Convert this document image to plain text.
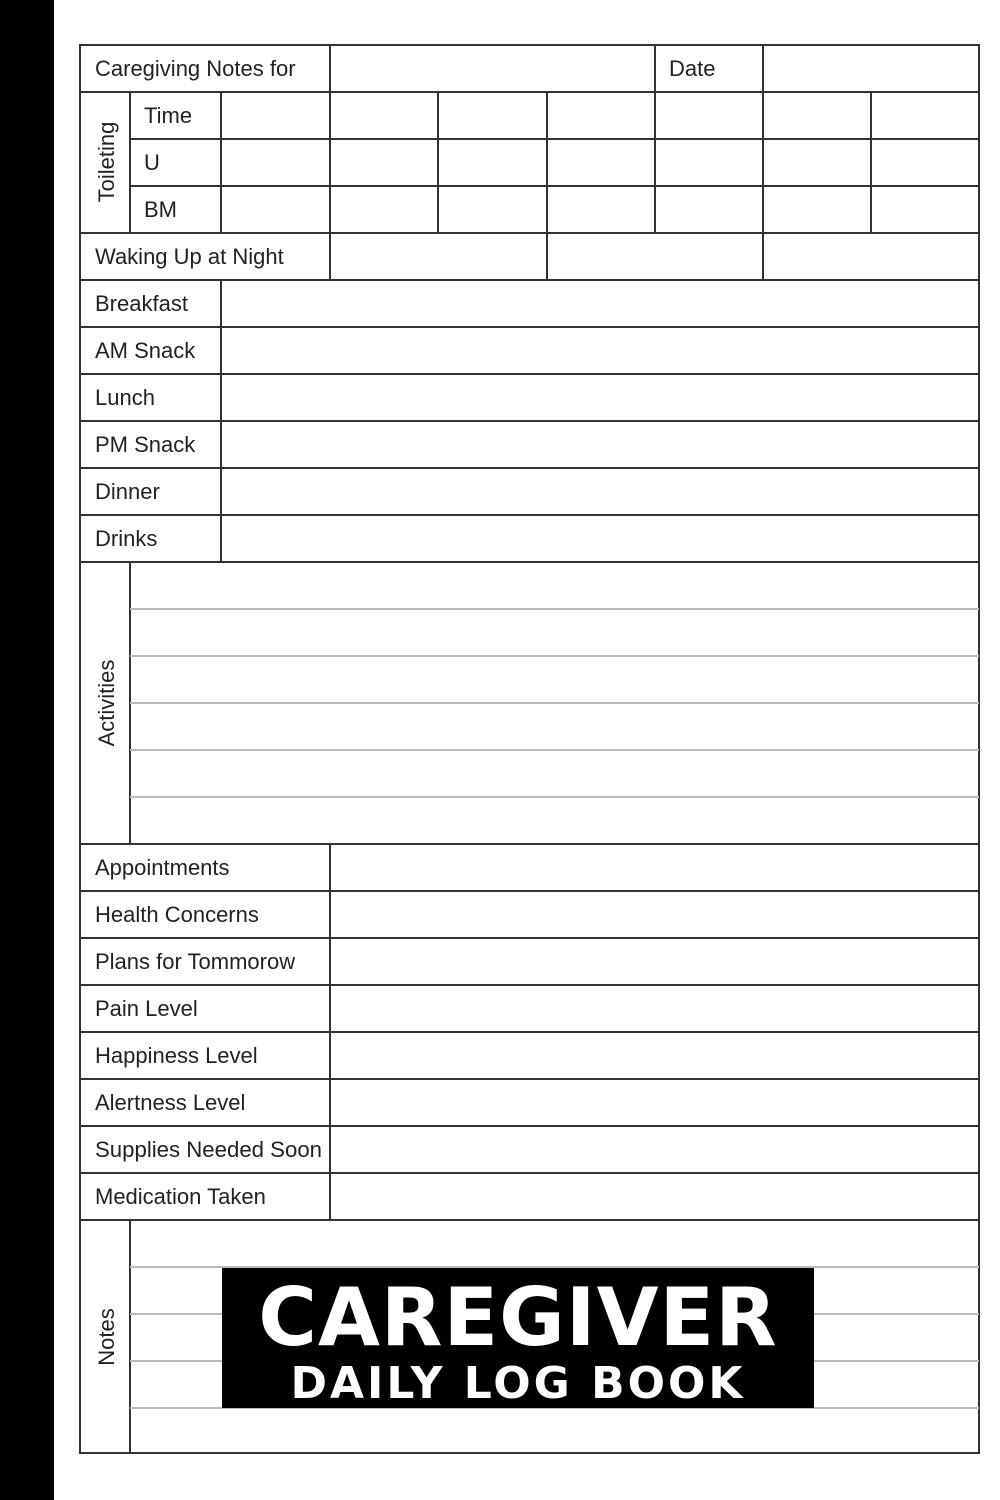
Caregiving Notes for	Date
Toileting
Time
U
BM
Waking Up at Night
Breakfast
AM Snack
Lunch
PM Snack
Dinner
Drinks
Activities
Appointments
Health Concerns
Plans for Tommorow
Pain Level
Happiness Level
Alertness Level
Supplies Needed Soon
Medication Taken
Notes	CAREGIVER
DAILY LOG BOOK
